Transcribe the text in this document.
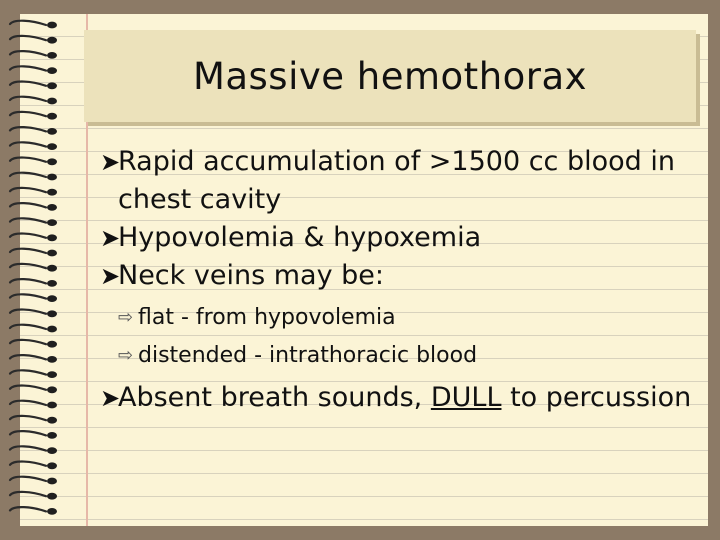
Massive hemothorax
➤
Rapid accumulation of >1500 cc blood in chest cavity
➤
Hypovolemia & hypoxemia
➤
Neck veins may be:
⇨ flat - from hypovolemia
⇨ distended - intrathoracic blood
➤
Absent breath sounds, DULL to percussion
